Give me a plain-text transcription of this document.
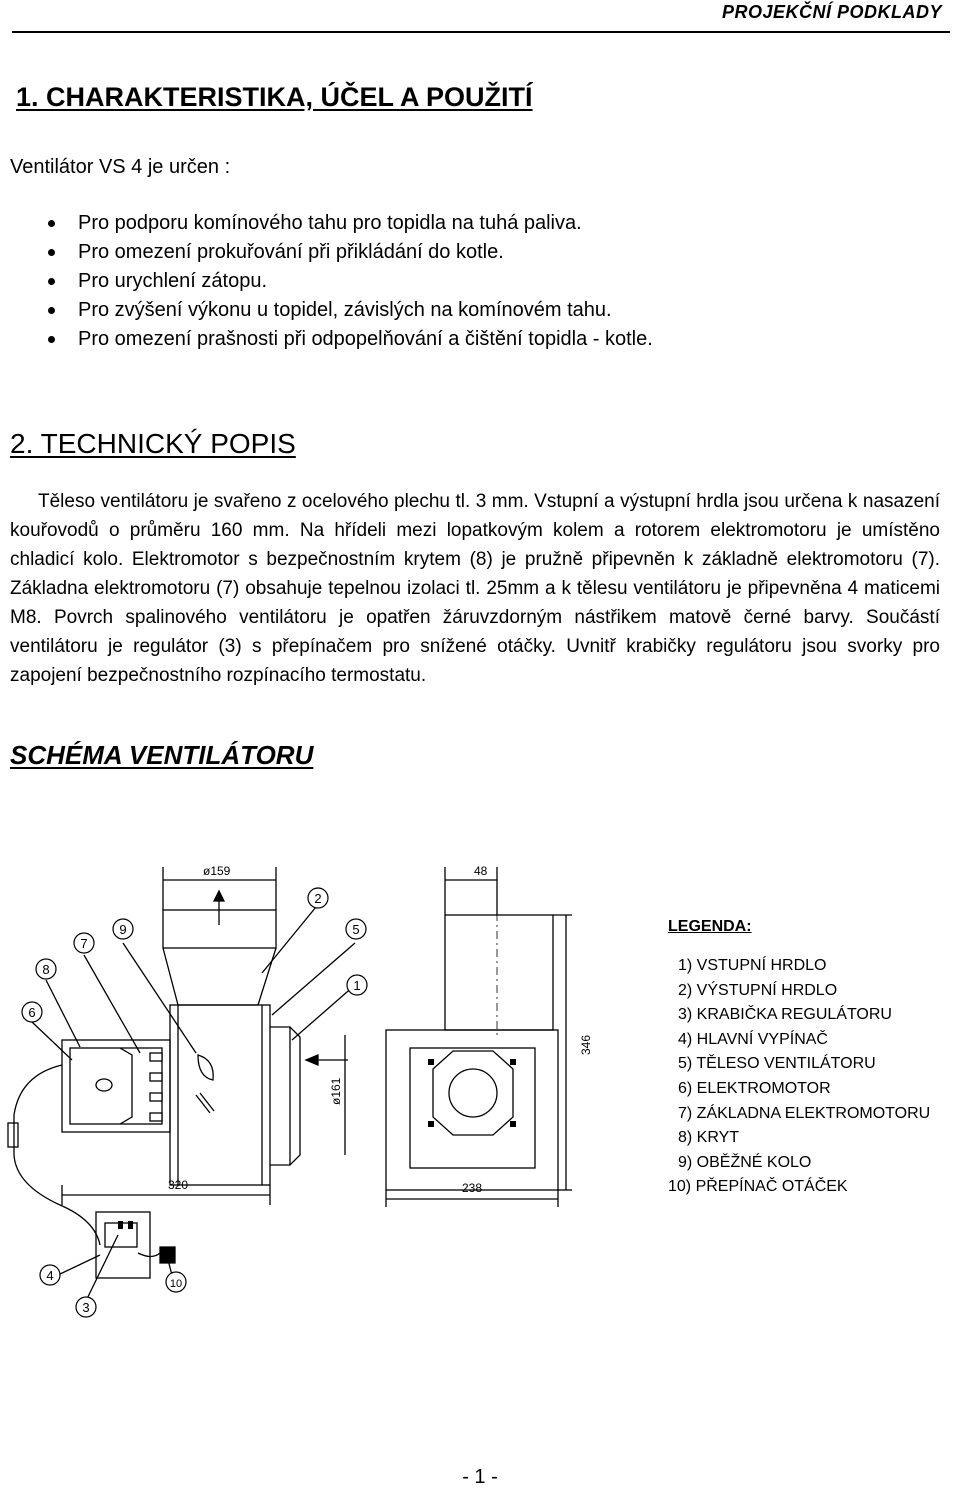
PROJEKČNÍ PODKLADY
1. CHARAKTERISTIKA, ÚČEL A POUŽITÍ
Ventilátor VS 4 je určen :
Pro podporu komínového tahu pro topidla na tuhá paliva.
Pro omezení prokuřování při přikládání do kotle.
Pro urychlení zátopu.
Pro zvýšení výkonu u topidel, závislých na komínovém tahu.
Pro omezení prašnosti při odpopelňování a čištění topidla - kotle.
2. TECHNICKÝ POPIS

Těleso ventilátoru je svařeno z ocelového plechu tl. 3 mm. Vstupní a výstupní hrdla jsou určena k nasazení kouřovodů o průměru 160 mm. Na hřídeli mezi lopatkovým kolem a rotorem elektromotoru je umístěno chladicí kolo. Elektromotor s bezpečnostním krytem (8) je pružně připevněn k základně elektromotoru (7). Základna elektromotoru (7) obsahuje tepelnou izolaci tl. 25mm a k tělesu ventilátoru je připevněna 4 maticemi M8. Povrch spalinového ventilátoru je opatřen žáruvzdorným nástřikem matově černé barvy. Součástí ventilátoru je regulátor (3) s přepínačem pro snížené otáčky. Uvnitř krabičky regulátoru jsou svorky pro zapojení bezpečnostního rozpínacího termostatu.

SCHÉMA VENTILÁTORU
1
2
3
4
5
6
7
8
9
10
ø159	48
320	238
ø161
346
LEGENDA:
1) VSTUPNÍ HRDLO
2) VÝSTUPNÍ HRDLO
3) KRABIČKA REGULÁTORU
4) HLAVNÍ VYPÍNAČ
5) TĚLESO VENTILÁTORU
6) ELEKTROMOTOR
7) ZÁKLADNA ELEKTROMOTORU
8) KRYT
9) OBĚŽNÉ KOLO
10) PŘEPÍNAČ OTÁČEK
- 1 -
